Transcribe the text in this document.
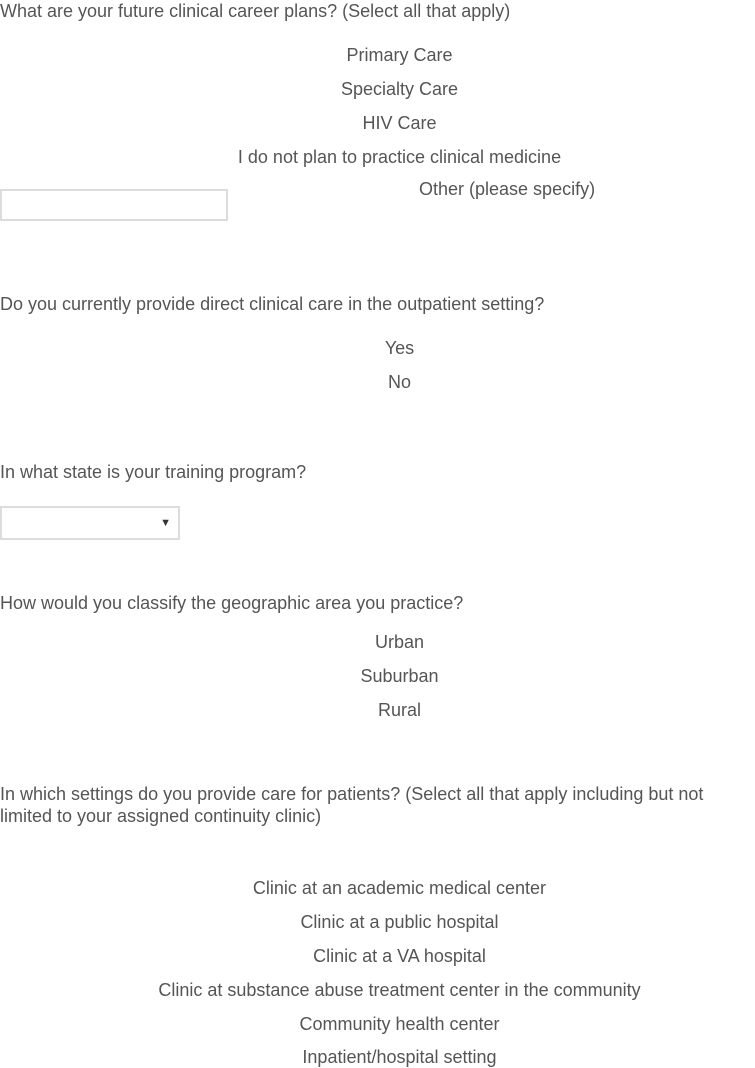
What are your future clinical career plans? (Select all that apply)
Primary Care
Specialty Care
HIV Care
I do not plan to practice clinical medicine
Other (please specify)
Do you currently provide direct clinical care in the outpatient setting?
Yes
No
In what state is your training program?
▼
How would you classify the geographic area you practice?
Urban
Suburban
Rural
In which settings do you provide care for patients? (Select all that apply including but not limited to your assigned continuity clinic)
Clinic at an academic medical center
Clinic at a public hospital
Clinic at a VA hospital
Clinic at substance abuse treatment center in the community
Community health center
Inpatient/hospital setting
